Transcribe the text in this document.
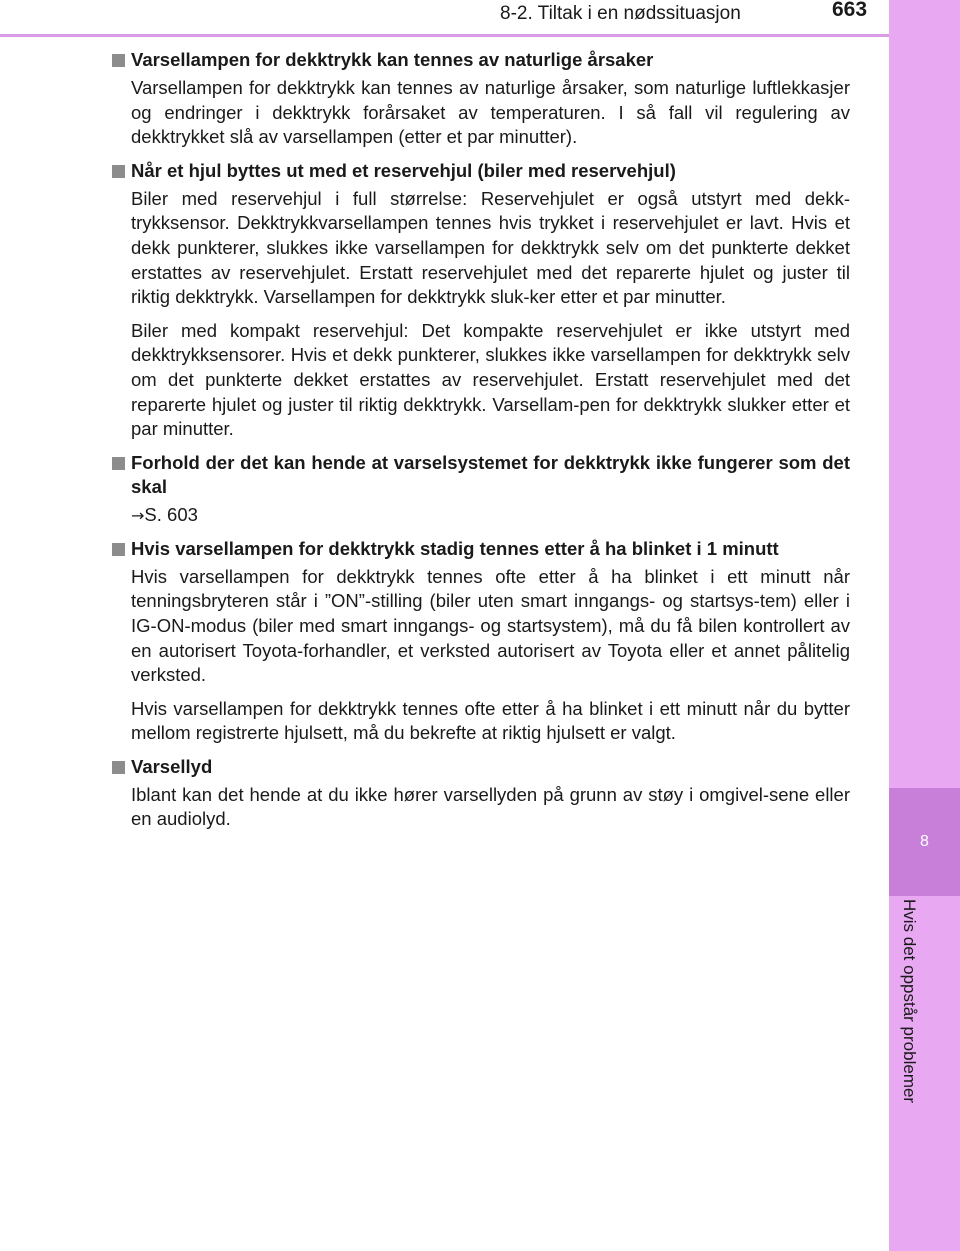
8-2. Tiltak i en nødssituasjon	663
8
Hvis det oppstår problemer
Varsellampen for dekktrykk kan tennes av naturlige årsaker

Varsellampen for dekktrykk kan tennes av naturlige årsaker, som naturlige luftlekkasjer og endringer i dekktrykk forårsaket av temperaturen. I så fall vil regulering av dekktrykket slå av varsellampen (etter et par minutter).

Når et hjul byttes ut med et reservehjul (biler med reservehjul)

Biler med reservehjul i full størrelse: Reservehjulet er også utstyrt med dekk-trykksensor. Dekktrykkvarsellampen tennes hvis trykket i reservehjulet er lavt. Hvis et dekk punkterer, slukkes ikke varsellampen for dekktrykk selv om det punkterte dekket erstattes av reservehjulet. Erstatt reservehjulet med det reparerte hjulet og juster til riktig dekktrykk. Varsellampen for dekktrykk sluk-ker etter et par minutter.

Biler med kompakt reservehjul: Det kompakte reservehjulet er ikke utstyrt med dekktrykksensorer. Hvis et dekk punkterer, slukkes ikke varsellampen for dekktrykk selv om det punkterte dekket erstattes av reservehjulet. Erstatt reservehjulet med det reparerte hjulet og juster til riktig dekktrykk. Varsellam-pen for dekktrykk slukker etter et par minutter.

Forhold der det kan hende at varselsystemet for dekktrykk ikke fungerer som det skal

→S. 603

Hvis varsellampen for dekktrykk stadig tennes etter å ha blinket i 1 minutt

Hvis varsellampen for dekktrykk tennes ofte etter å ha blinket i ett minutt når tenningsbryteren står i ”ON”-stilling (biler uten smart inngangs- og startsys-tem) eller i IG-ON-modus (biler med smart inngangs- og startsystem), må du få bilen kontrollert av en autorisert Toyota-forhandler, et verksted autorisert av Toyota eller et annet pålitelig verksted.

Hvis varsellampen for dekktrykk tennes ofte etter å ha blinket i ett minutt når du bytter mellom registrerte hjulsett, må du bekrefte at riktig hjulsett er valgt.

Varsellyd

Iblant kan det hende at du ikke hører varsellyden på grunn av støy i omgivel-sene eller en audiolyd.
